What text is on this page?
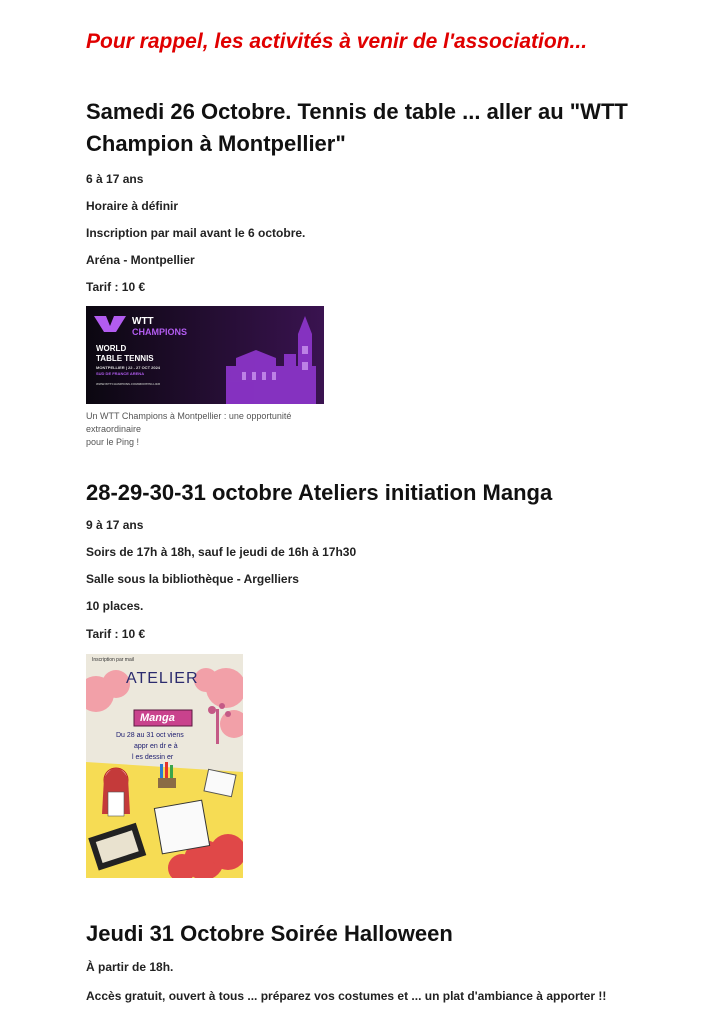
Pour rappel, les activités à venir de l'association...
Samedi 26 Octobre. Tennis de table ... aller au "WTT
Champion à Montpellier"

6 à 17 ans

Horaire à définir

Inscription par mail avant le 6 octobre.

Aréna - Montpellier

Tarif : 10 €

WTT
CHAMPIONS
WORLD
TABLE TENNIS
MONTPELLIER | 22 - 27 OCT 2024
SUD DE FRANCE ARENA
WWW.WTTCHAMPIONS.COM/MONTPELLIER

Un WTT Champions à Montpellier : une opportunité extraordinaire
pour le Ping !

28-29-30-31 octobre Ateliers initiation Manga

9 à 17 ans

Soirs de 17h à 18h, sauf le jeudi de 16h à 17h30

Salle sous la bibliothèque - Argelliers

10 places.

Tarif : 10 €

Inscription par mail
ATELIER
Manga
Du 28 au 31 oct viens
appr en dr e à
l es dessin er
Jeudi 31 Octobre Soirée Halloween

À partir de 18h.

Accès gratuit, ouvert à tous ... préparez vos costumes et ... un plat d'ambiance à apporter !!
